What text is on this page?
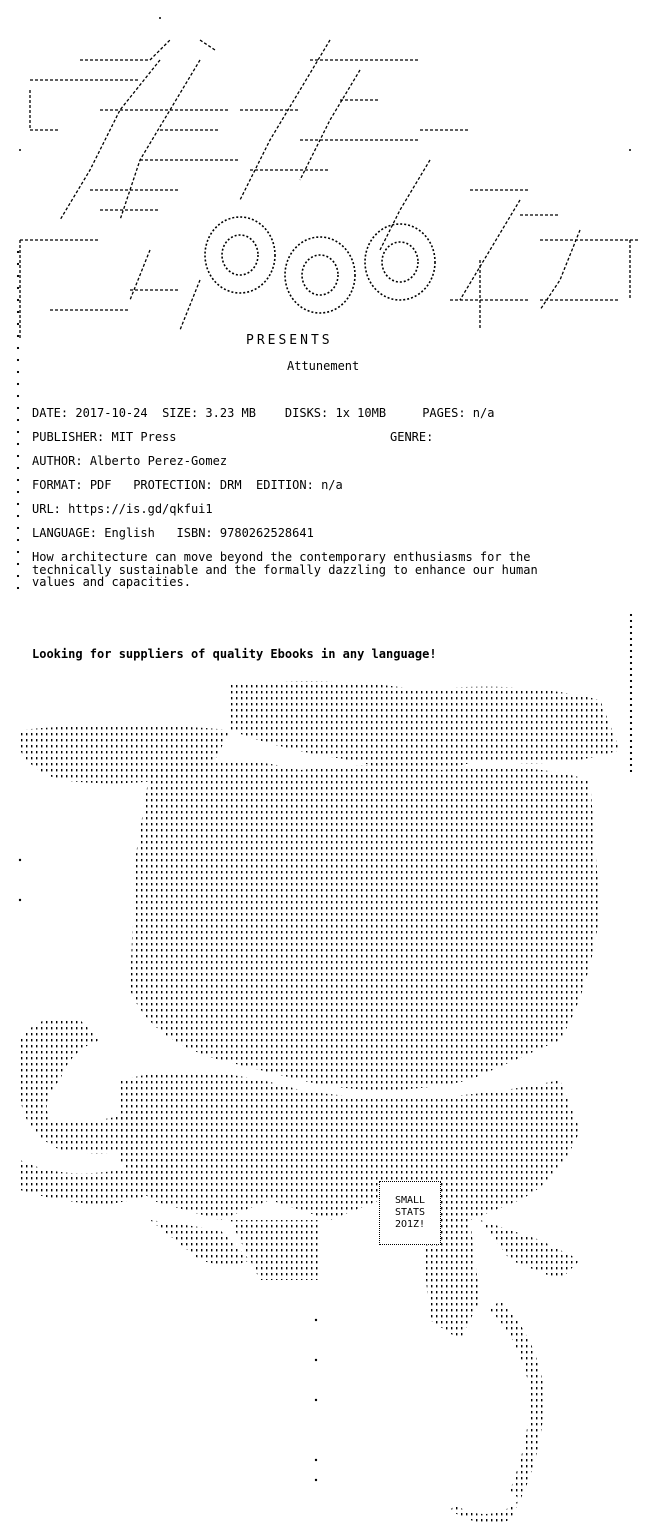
PRESENTS
Attunement
DATE: 2017-10-24 SIZE: 3.23 MB DISKS: 1x 10MB	PAGES: n/a
PUBLISHER: MIT Press	GENRE:
AUTHOR: Alberto Perez-Gomez
FORMAT: PDF PROTECTION: DRM EDITION: n/a
URL: https://is.gd/qkfui1
LANGUAGE: English ISBN: 9780262528641
How architecture can move beyond the contemporary enthusiasms for the
technically sustainable and the formally dazzling to enhance our human
values and capacities.
Looking for suppliers of quality Ebooks in any language!
SMALL
STATS
2O1Z!
